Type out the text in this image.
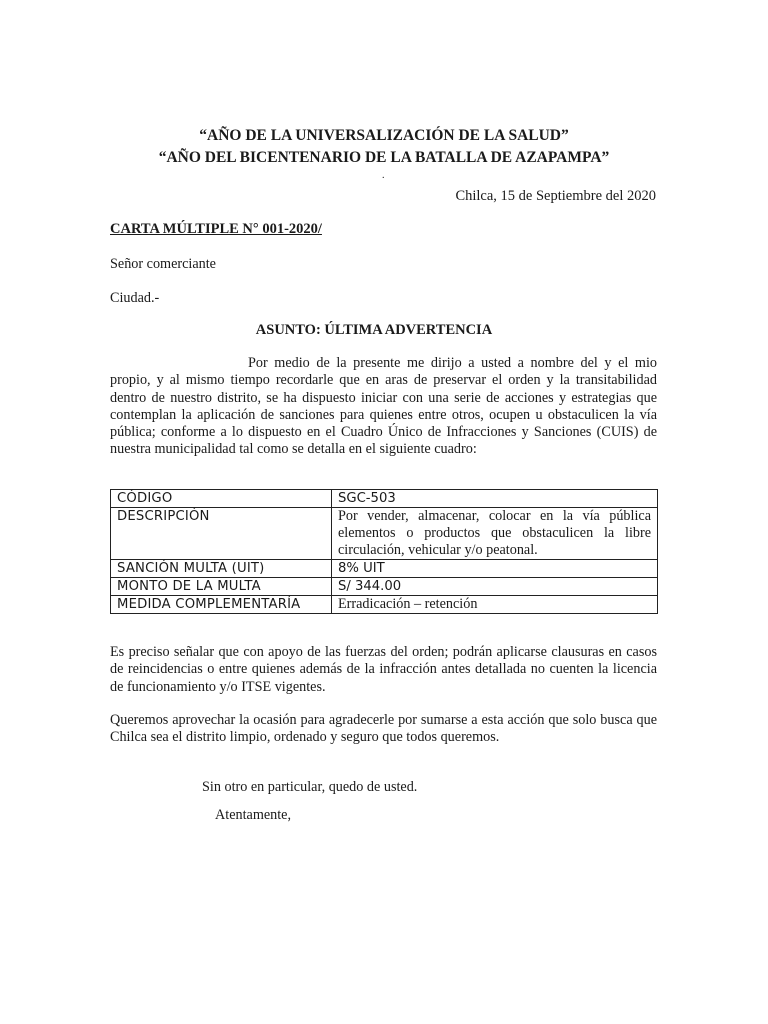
“AÑO DE LA UNIVERSALIZACIÓN DE LA SALUD”
“AÑO DEL BICENTENARIO DE LA BATALLA DE AZAPAMPA”
.
Chilca, 15 de Septiembre del 2020
CARTA MÚLTIPLE N° 001-2020/
Señor comerciante
Ciudad.-
ASUNTO: ÚLTIMA ADVERTENCIA
Por medio de la presente me dirijo a usted a nombre del y el mio propio, y al mismo tiempo recordarle que en aras de preservar el orden y la transitabilidad dentro de nuestro distrito, se ha dispuesto iniciar con una serie de acciones y estrategias que contemplan la aplicación de sanciones para quienes entre otros, ocupen u obstaculicen la vía pública; conforme a lo dispuesto en el Cuadro Único de Infracciones y Sanciones (CUIS) de nuestra municipalidad tal como se detalla en el siguiente cuadro:
CÓDIGO	SGC-503
DESCRIPCIÓN	Por vender, almacenar, colocar en la vía pública elementos o productos que obstaculicen la libre circulación, vehicular y/o peatonal.
SANCIÓN MULTA (UIT)	8% UIT
MONTO DE LA MULTA	S/ 344.00
MEDIDA COMPLEMENTARÍA	Erradicación – retención
Es preciso señalar que con apoyo de las fuerzas del orden; podrán aplicarse clausuras en casos de reincidencias o entre quienes además de la infracción antes detallada no cuenten la licencia de funcionamiento y/o ITSE vigentes.
Queremos aprovechar la ocasión para agradecerle por sumarse a esta acción que solo busca que Chilca sea el distrito limpio, ordenado y seguro que todos queremos.
Sin otro en particular, quedo de usted.
Atentamente,
